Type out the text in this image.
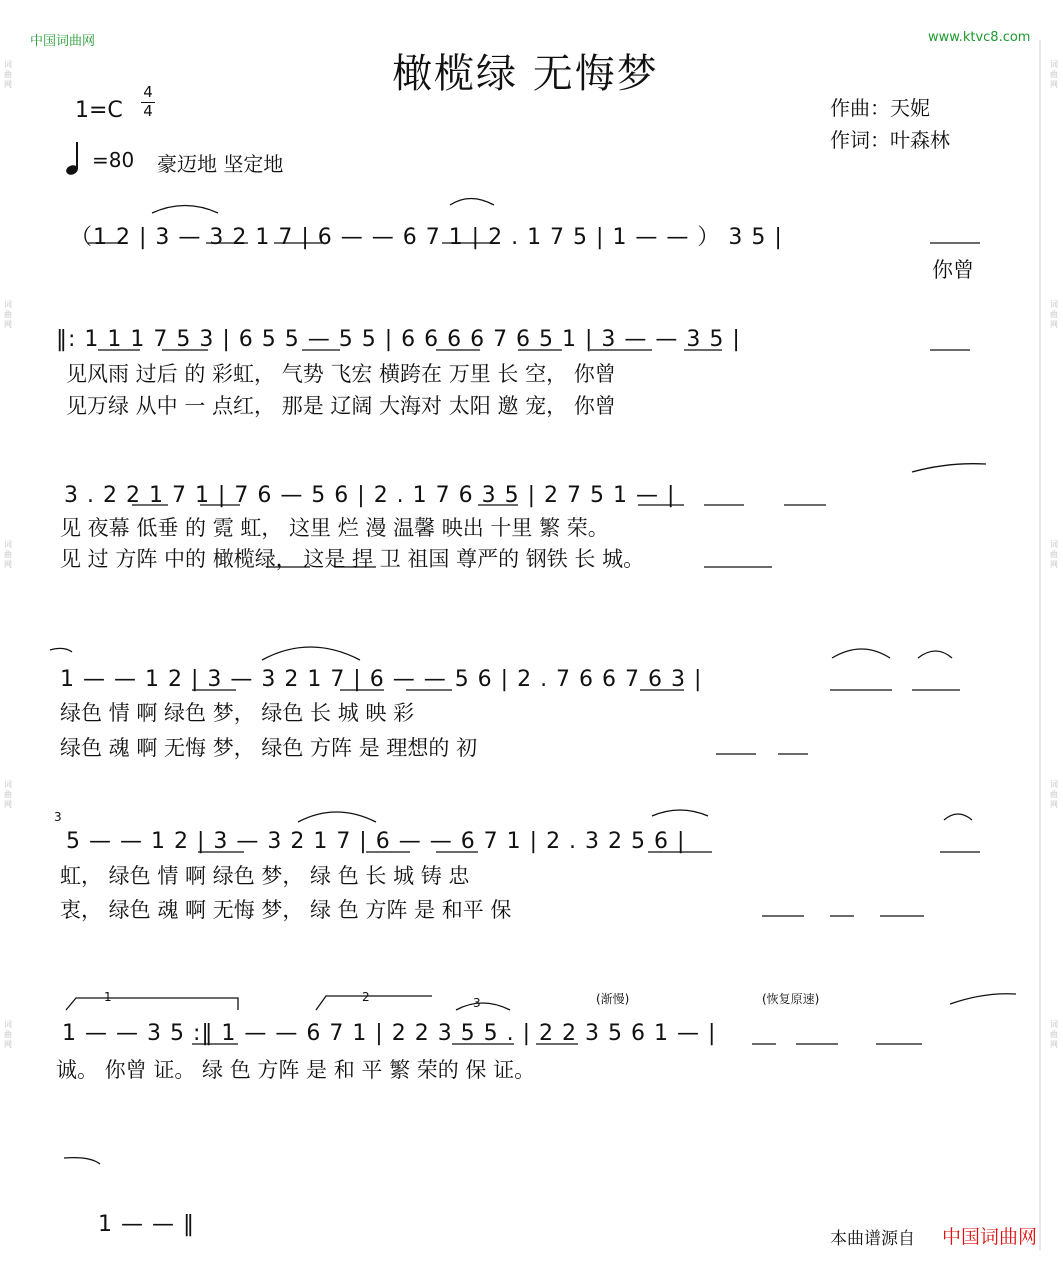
中国词曲网	www.ktvc8.com
橄榄绿 无悔梦
1=C
4
4
=80 豪迈地 坚定地
作曲：天妮
作词：叶森林
（1 2 | 3 — 3 2 1 7 | 6 — — 6 7 1 | 2 . 1 7 5 | 1 — — ） 3 5 |
你曾
‖: 1 1 1 7 5 3 | 6 5 5 — 5 5 | 6 6 6 6 7 6 5 1 | 3 — — 3 5 |
见风雨 过后 的 彩虹， 气势 飞宏 横跨在 万里 长 空， 你曾
见万绿 从中 一 点红， 那是 辽阔 大海对 太阳 邀 宠， 你曾
3 . 2 2 1 7 1 | 7 6 — 5 6 | 2 . 1 7 6 3 5 | 2 7 5 1 — |
见 夜幕 低垂 的 霓 虹， 这里 烂 漫 温馨 映出 十里 繁 荣。
见 过 方阵 中的 橄榄绿， 这是 捍 卫 祖国 尊严的 钢铁 长 城。
1 — — 1 2 | 3 — 3 2 1 7 | 6 — — 5 6 | 2 . 7 6 6 7 6 3 |
绿色 情 啊 绿色 梦， 绿色 长 城 映 彩
绿色 魂 啊 无悔 梦， 绿色 方阵 是 理想的 初
3
5 — — 1 2 | 3 — 3 2 1 7 | 6 — — 6 7 1 | 2 . 3 2 5 6 |
虹， 绿色 情 啊 绿色 梦， 绿 色 长 城 铸 忠
衷， 绿色 魂 啊 无悔 梦， 绿 色 方阵 是 和平 保
1	2	3	(渐慢)	(恢复原速)
1 — — 3 5 :‖ 1 — — 6 7 1 | 2 2 3 5 5 . | 2 2 3 5 6 1 — |
诚。 你曾 证。 绿 色 方阵 是 和 平 繁 荣的 保 证。
1 — — ‖
本曲谱源自 中国词曲网
词曲网
词曲网
词曲网
词曲网
词曲网
词曲网
词曲网
词曲网
词曲网
词曲网
